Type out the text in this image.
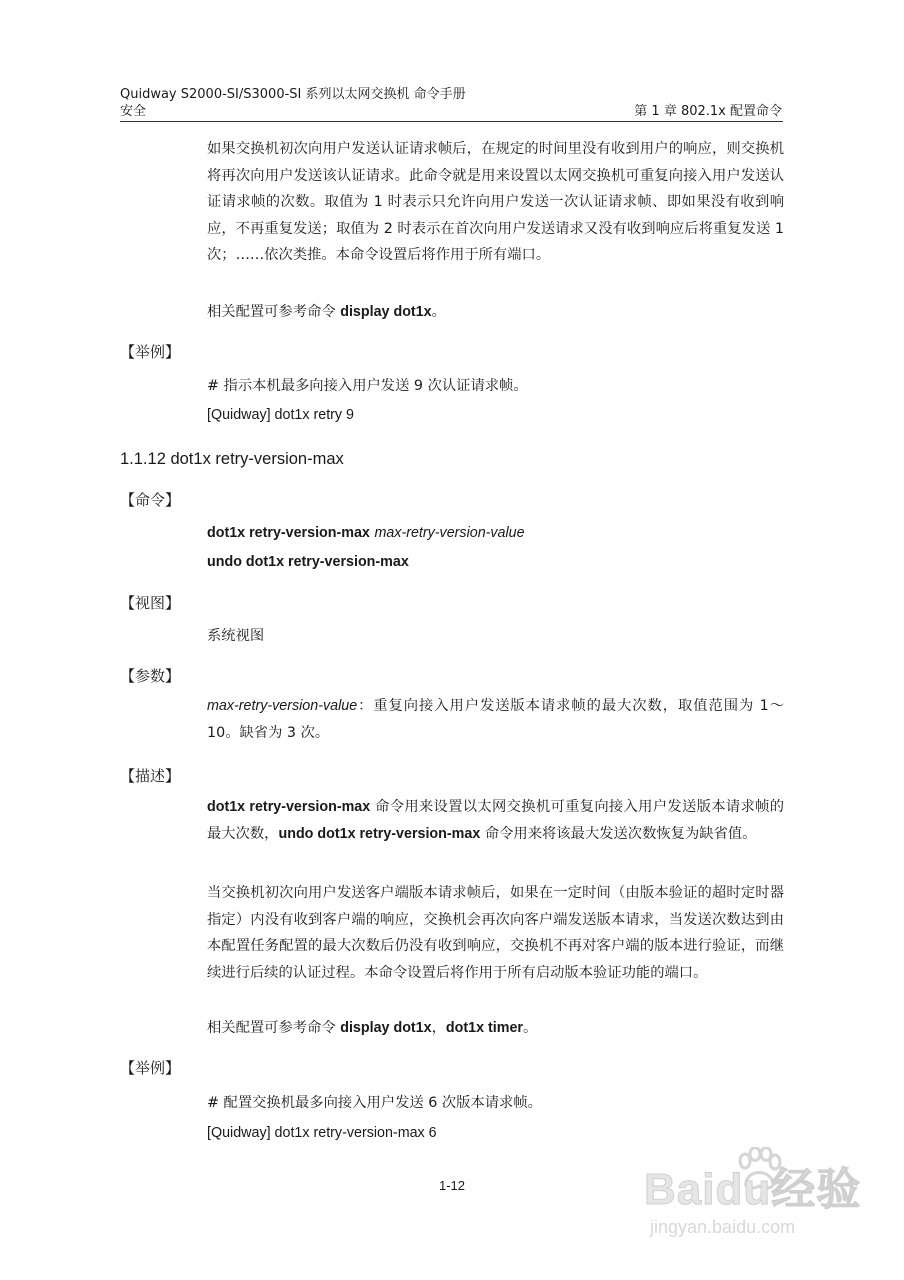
Quidway S2000-SI/S3000-SI 系列以太网交换机 命令手册
安全	第 1 章 802.1x 配置命令

如果交换机初次向用户发送认证请求帧后，在规定的时间里没有收到用户的响应，则交换机将再次向用户发送该认证请求。此命令就是用来设置以太网交换机可重复向接入用户发送认证请求帧的次数。取值为 1 时表示只允许向用户发送一次认证请求帧、即如果没有收到响应，不再重复发送；取值为 2 时表示在首次向用户发送请求又没有收到响应后将重复发送 1 次；……依次类推。本命令设置后将作用于所有端口。

相关配置可参考命令 display dot1x。
【举例】
# 指示本机最多向接入用户发送 9 次认证请求帧。
[Quidway] dot1x retry 9
1.1.12 dot1x retry-version-max
【命令】
dot1x retry-version-max max-retry-version-value
undo dot1x retry-version-max
【视图】
系统视图
【参数】

max-retry-version-value：重复向接入用户发送版本请求帧的最大次数，取值范围为 1～10。缺省为 3 次。

【描述】

dot1x retry-version-max 命令用来设置以太网交换机可重复向接入用户发送版本请求帧的最大次数，undo dot1x retry-version-max 命令用来将该最大发送次数恢复为缺省值。

当交换机初次向用户发送客户端版本请求帧后，如果在一定时间（由版本验证的超时定时器指定）内没有收到客户端的响应，交换机会再次向客户端发送版本请求，当发送次数达到由本配置任务配置的最大次数后仍没有收到响应，交换机不再对客户端的版本进行验证，而继续进行后续的认证过程。本命令设置后将作用于所有启动版本验证功能的端口。

相关配置可参考命令 display dot1x，dot1x timer。
【举例】
# 配置交换机最多向接入用户发送 6 次版本请求帧。
[Quidway] dot1x retry-version-max 6
1-12	Baidu经验
jingyan.baidu.com
